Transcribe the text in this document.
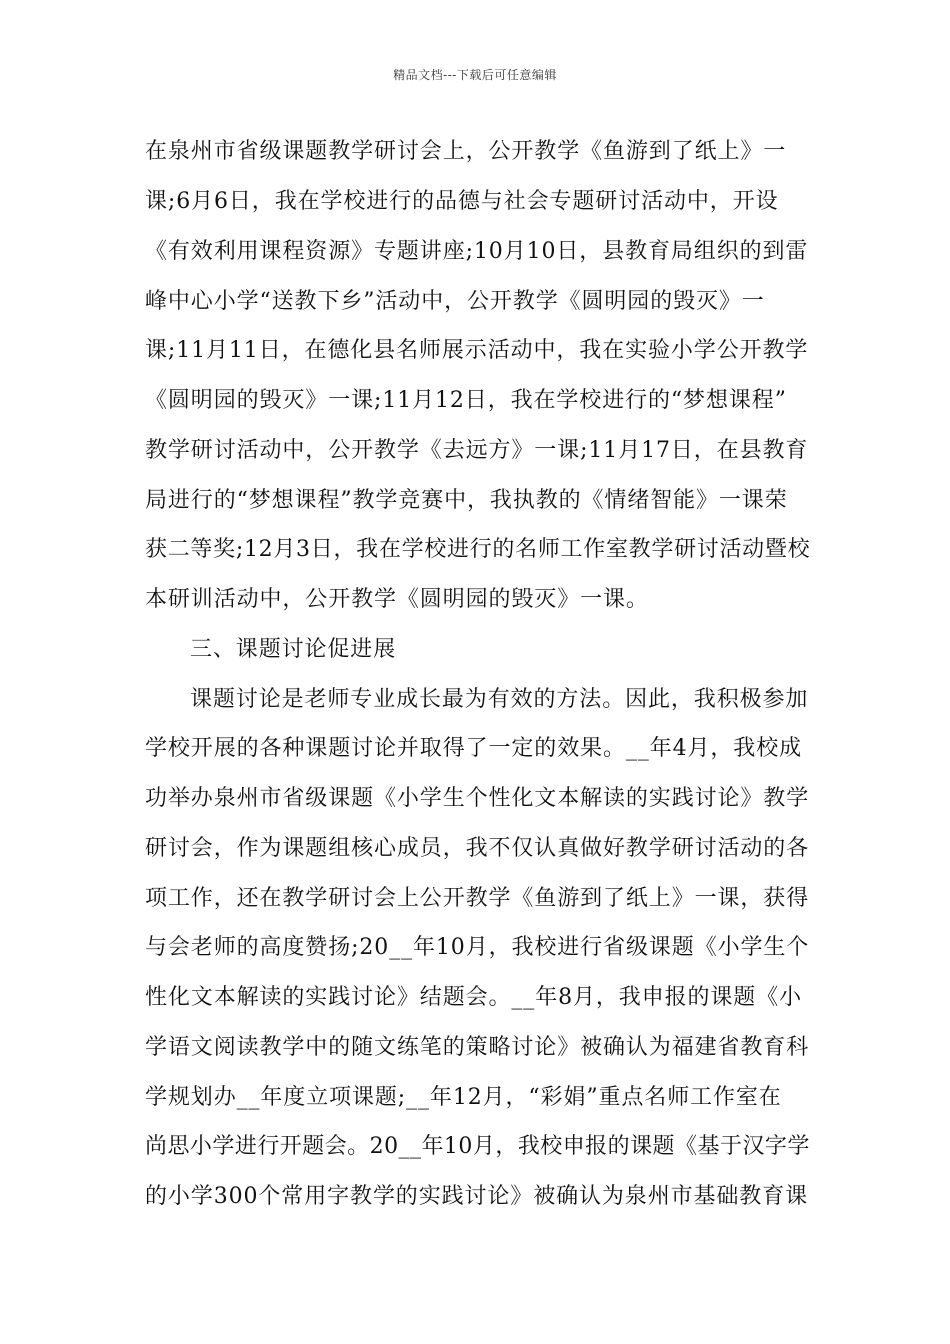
精品文档---下载后可任意编辑
在泉州市省级课题教学研讨会上，公开教学《鱼游到了纸上》一
课;6月6日，我在学校进行的品德与社会专题研讨活动中，开设
《有效利用课程资源》专题讲座;10月10日，县教育局组织的到雷
峰中心小学“送教下乡”活动中，公开教学《圆明园的毁灭》一
课;11月11日，在德化县名师展示活动中，我在实验小学公开教学
《圆明园的毁灭》一课;11月12日，我在学校进行的“梦想课程”
教学研讨活动中，公开教学《去远方》一课;11月17日，在县教育
局进行的“梦想课程”教学竞赛中，我执教的《情绪智能》一课荣
获二等奖;12月3日，我在学校进行的名师工作室教学研讨活动暨校
本研训活动中，公开教学《圆明园的毁灭》一课。
三、课题讨论促进展
课题讨论是老师专业成长最为有效的方法。因此，我积极参加
学校开展的各种课题讨论并取得了一定的效果。__年4月，我校成
功举办泉州市省级课题《小学生个性化文本解读的实践讨论》教学
研讨会，作为课题组核心成员，我不仅认真做好教学研讨活动的各
项工作，还在教学研讨会上公开教学《鱼游到了纸上》一课，获得
与会老师的高度赞扬;20__年10月，我校进行省级课题《小学生个
性化文本解读的实践讨论》结题会。__年8月，我申报的课题《小
学语文阅读教学中的随文练笔的策略讨论》被确认为福建省教育科
学规划办__年度立项课题;__年12月，“彩娟”重点名师工作室在
尚思小学进行开题会。20__年10月，我校申报的课题《基于汉字学
的小学300个常用字教学的实践讨论》被确认为泉州市基础教育课
